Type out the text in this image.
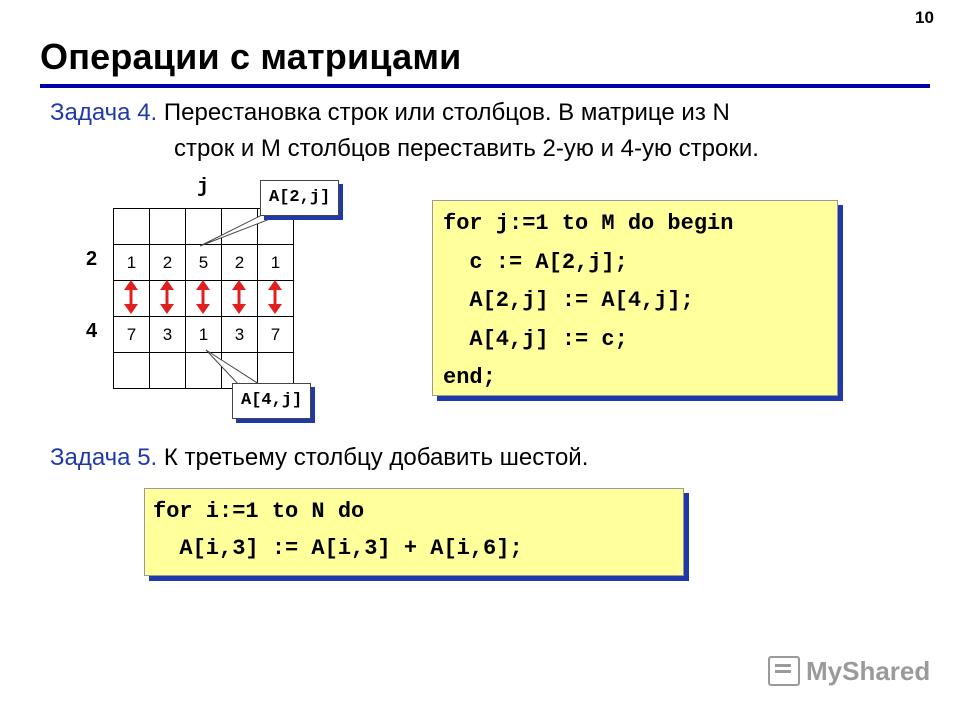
10
Операции с матрицами
Задача 4. Перестановка строк или столбцов. В матрице из N
строк и M столбцов переставить 2-ую и 4-ую строки.
j
2
4

1	2	5	2	1

7	3	1	3	7

A[2,j]
A[4,j]
for j:=1 to M do begin
c := A[2,j];
A[2,j] := A[4,j];
A[4,j] := c;
end;
Задача 5. К третьему столбцу добавить шестой.
for i:=1 to N do
A[i,3] := A[i,3] + A[i,6];
MyShared
